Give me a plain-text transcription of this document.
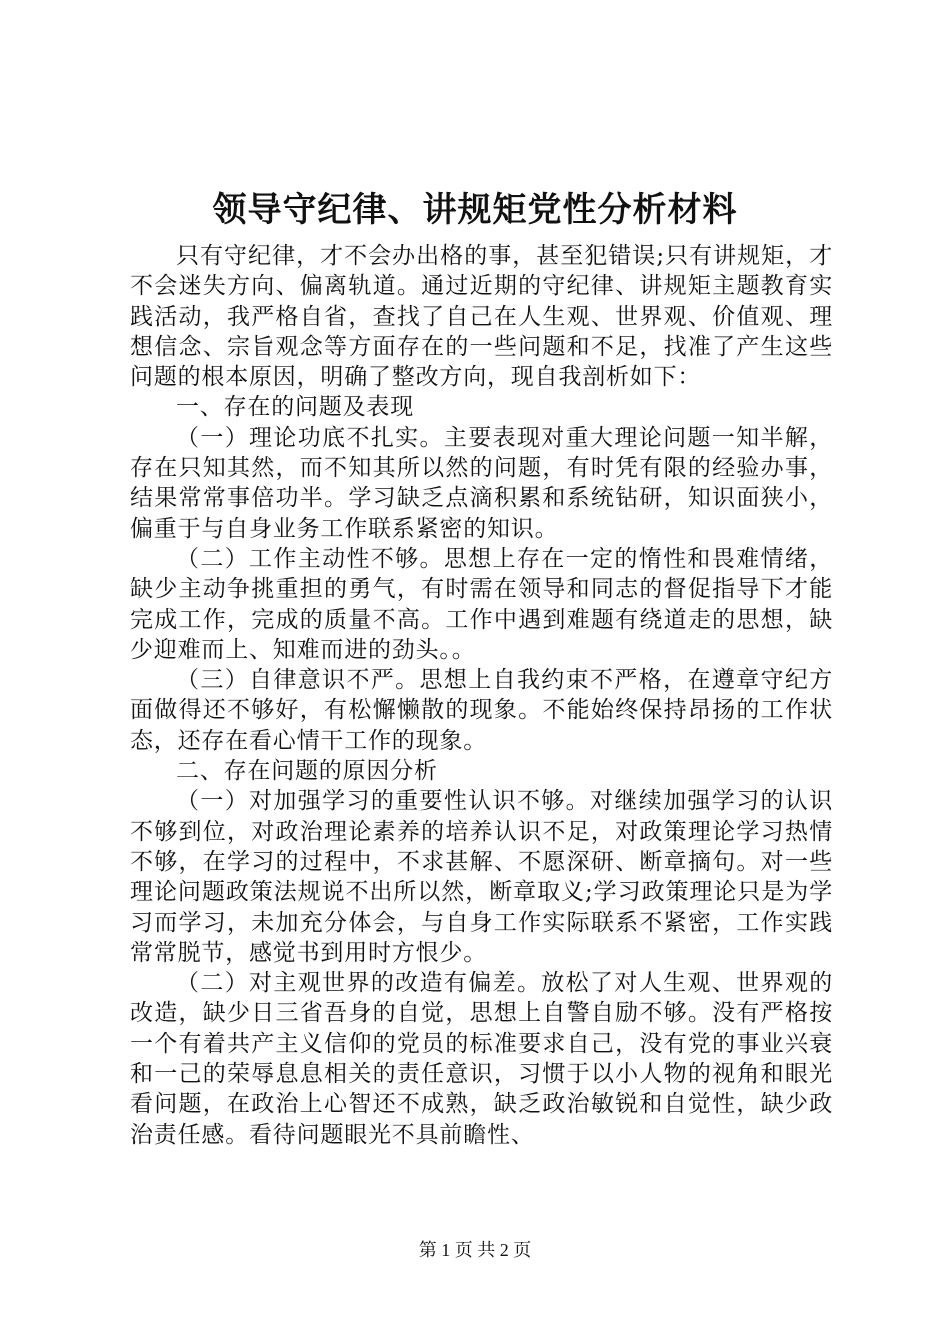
领导守纪律、讲规矩党性分析材料

只有守纪律，才不会办出格的事，甚至犯错误;只有讲规矩，才不会迷失方向、偏离轨道。通过近期的守纪律、讲规矩主题教育实践活动，我严格自省，查找了自己在人生观、世界观、价值观、理想信念、宗旨观念等方面存在的一些问题和不足，找准了产生这些问题的根本原因，明确了整改方向，现自我剖析如下：

一、存在的问题及表现

（一）理论功底不扎实。主要表现对重大理论问题一知半解，存在只知其然，而不知其所以然的问题，有时凭有限的经验办事，结果常常事倍功半。学习缺乏点滴积累和系统钻研，知识面狭小，偏重于与自身业务工作联系紧密的知识。

（二）工作主动性不够。思想上存在一定的惰性和畏难情绪，缺少主动争挑重担的勇气，有时需在领导和同志的督促指导下才能完成工作，完成的质量不高。工作中遇到难题有绕道走的思想，缺少迎难而上、知难而进的劲头。。

（三）自律意识不严。思想上自我约束不严格，在遵章守纪方面做得还不够好，有松懈懒散的现象。不能始终保持昂扬的工作状态，还存在看心情干工作的现象。

二、存在问题的原因分析

（一）对加强学习的重要性认识不够。对继续加强学习的认识不够到位，对政治理论素养的培养认识不足，对政策理论学习热情不够，在学习的过程中，不求甚解、不愿深研、断章摘句。对一些理论问题政策法规说不出所以然，断章取义;学习政策理论只是为学习而学习，未加充分体会，与自身工作实际联系不紧密，工作实践常常脱节，感觉书到用时方恨少。

（二）对主观世界的改造有偏差。放松了对人生观、世界观的改造，缺少日三省吾身的自觉，思想上自警自励不够。没有严格按一个有着共产主义信仰的党员的标准要求自己，没有党的事业兴衰和一己的荣辱息息相关的责任意识，习惯于以小人物的视角和眼光看问题，在政治上心智还不成熟，缺乏政治敏锐和自觉性，缺少政治责任感。看待问题眼光不具前瞻性、

第 1 页 共 2 页
